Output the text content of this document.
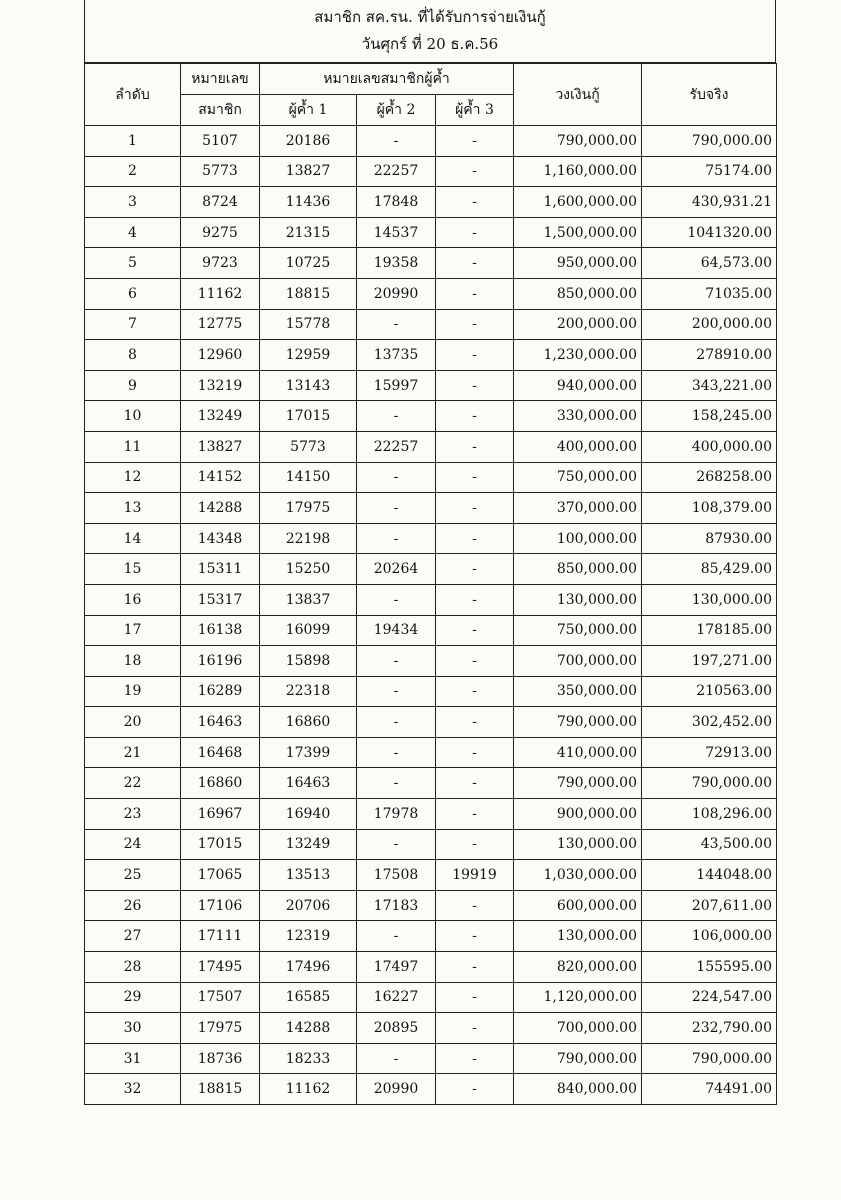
สมาชิก สค.รน. ที่ได้รับการจ่ายเงินกู้
วันศุกร์ ที่ 20 ธ.ค.56
ลำดับ	หมายเลข	หมายเลขสมาชิกผู้ค้ำ			วงเงินกู้	รับจริง
	สมาชิก	ผู้ค้ำ 1	ผู้ค้ำ 2	ผู้ค้ำ 3		
1	5107	20186	-	-	790,000.00	790,000.00
2	5773	13827	22257	-	1,160,000.00	75174.00
3	8724	11436	17848	-	1,600,000.00	430,931.21
4	9275	21315	14537	-	1,500,000.00	1041320.00
5	9723	10725	19358	-	950,000.00	64,573.00
6	11162	18815	20990	-	850,000.00	71035.00
7	12775	15778	-	-	200,000.00	200,000.00
8	12960	12959	13735	-	1,230,000.00	278910.00
9	13219	13143	15997	-	940,000.00	343,221.00
10	13249	17015	-	-	330,000.00	158,245.00
11	13827	5773	22257	-	400,000.00	400,000.00
12	14152	14150	-	-	750,000.00	268258.00
13	14288	17975	-	-	370,000.00	108,379.00
14	14348	22198	-	-	100,000.00	87930.00
15	15311	15250	20264	-	850,000.00	85,429.00
16	15317	13837	-	-	130,000.00	130,000.00
17	16138	16099	19434	-	750,000.00	178185.00
18	16196	15898	-	-	700,000.00	197,271.00
19	16289	22318	-	-	350,000.00	210563.00
20	16463	16860	-	-	790,000.00	302,452.00
21	16468	17399	-	-	410,000.00	72913.00
22	16860	16463	-	-	790,000.00	790,000.00
23	16967	16940	17978	-	900,000.00	108,296.00
24	17015	13249	-	-	130,000.00	43,500.00
25	17065	13513	17508	19919	1,030,000.00	144048.00
26	17106	20706	17183	-	600,000.00	207,611.00
27	17111	12319	-	-	130,000.00	106,000.00
28	17495	17496	17497	-	820,000.00	155595.00
29	17507	16585	16227	-	1,120,000.00	224,547.00
30	17975	14288	20895	-	700,000.00	232,790.00
31	18736	18233	-	-	790,000.00	790,000.00
32	18815	11162	20990	-	840,000.00	74491.00
